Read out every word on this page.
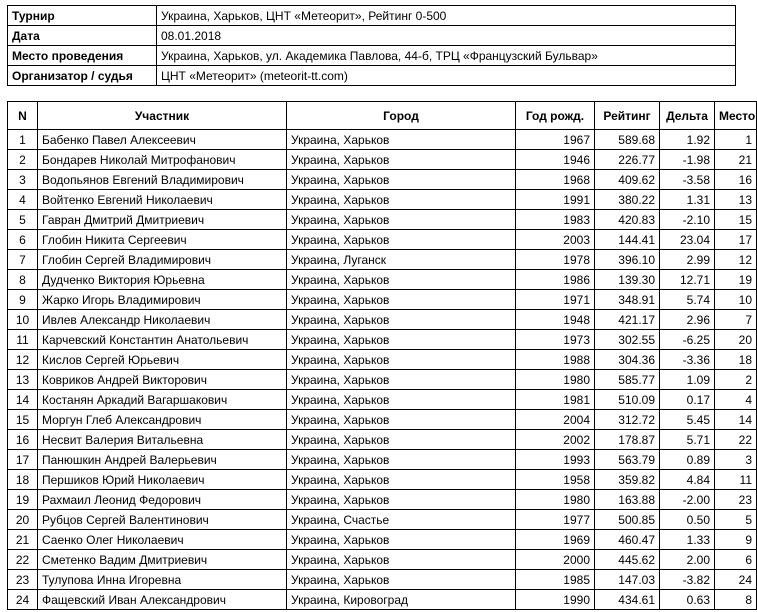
Турнир	Украина, Харьков, ЦНТ «Метеорит», Рейтинг 0-500
Дата	08.01.2018
Место проведения	Украина, Харьков, ул. Академика Павлова, 44-б, ТРЦ «Французский Бульвар»
Организатор / судья	ЦНТ «Метеорит» (meteorit-tt.com)
N	Участник	Город	Год рожд.	Рейтинг	Дельта	Место
1	Бабенко Павел Алексеевич	Украина, Харьков	1967	589.68	1.92	1
2	Бондарев Николай Митрофанович	Украина, Харьков	1946	226.77	-1.98	21
3	Водопьянов Евгений Владимирович	Украина, Харьков	1968	409.62	-3.58	16
4	Войтенко Евгений Николаевич	Украина, Харьков	1991	380.22	1.31	13
5	Гавран Дмитрий Дмитриевич	Украина, Харьков	1983	420.83	-2.10	15
6	Глобин Никита Сергеевич	Украина, Харьков	2003	144.41	23.04	17
7	Глобин Сергей Владимирович	Украина, Луганск	1978	396.10	2.99	12
8	Дудченко Виктория Юрьевна	Украина, Харьков	1986	139.30	12.71	19
9	Жарко Игорь Владимирович	Украина, Харьков	1971	348.91	5.74	10
10	Ивлев Александр Николаевич	Украина, Харьков	1948	421.17	2.96	7
11	Карчевский Константин Анатольевич	Украина, Харьков	1973	302.55	-6.25	20
12	Кислов Сергей Юрьевич	Украина, Харьков	1988	304.36	-3.36	18
13	Ковриков Андрей Викторович	Украина, Харьков	1980	585.77	1.09	2
14	Костанян Аркадий Вагаршакович	Украина, Харьков	1981	510.09	0.17	4
15	Моргун Глеб Александрович	Украина, Харьков	2004	312.72	5.45	14
16	Несвит Валерия Витальевна	Украина, Харьков	2002	178.87	5.71	22
17	Панюшкин Андрей Валерьевич	Украина, Харьков	1993	563.79	0.89	3
18	Першиков Юрий Николаевич	Украина, Харьков	1958	359.82	4.84	11
19	Рахмаил Леонид Федорович	Украина, Харьков	1980	163.88	-2.00	23
20	Рубцов Сергей Валентинович	Украина, Счастье	1977	500.85	0.50	5
21	Саенко Олег Николаевич	Украина, Харьков	1969	460.47	1.33	9
22	Сметенко Вадим Дмитриевич	Украина, Харьков	2000	445.62	2.00	6
23	Тулупова Инна Игоревна	Украина, Харьков	1985	147.03	-3.82	24
24	Фащевский Иван Александрович	Украина, Кировоград	1990	434.61	0.63	8
